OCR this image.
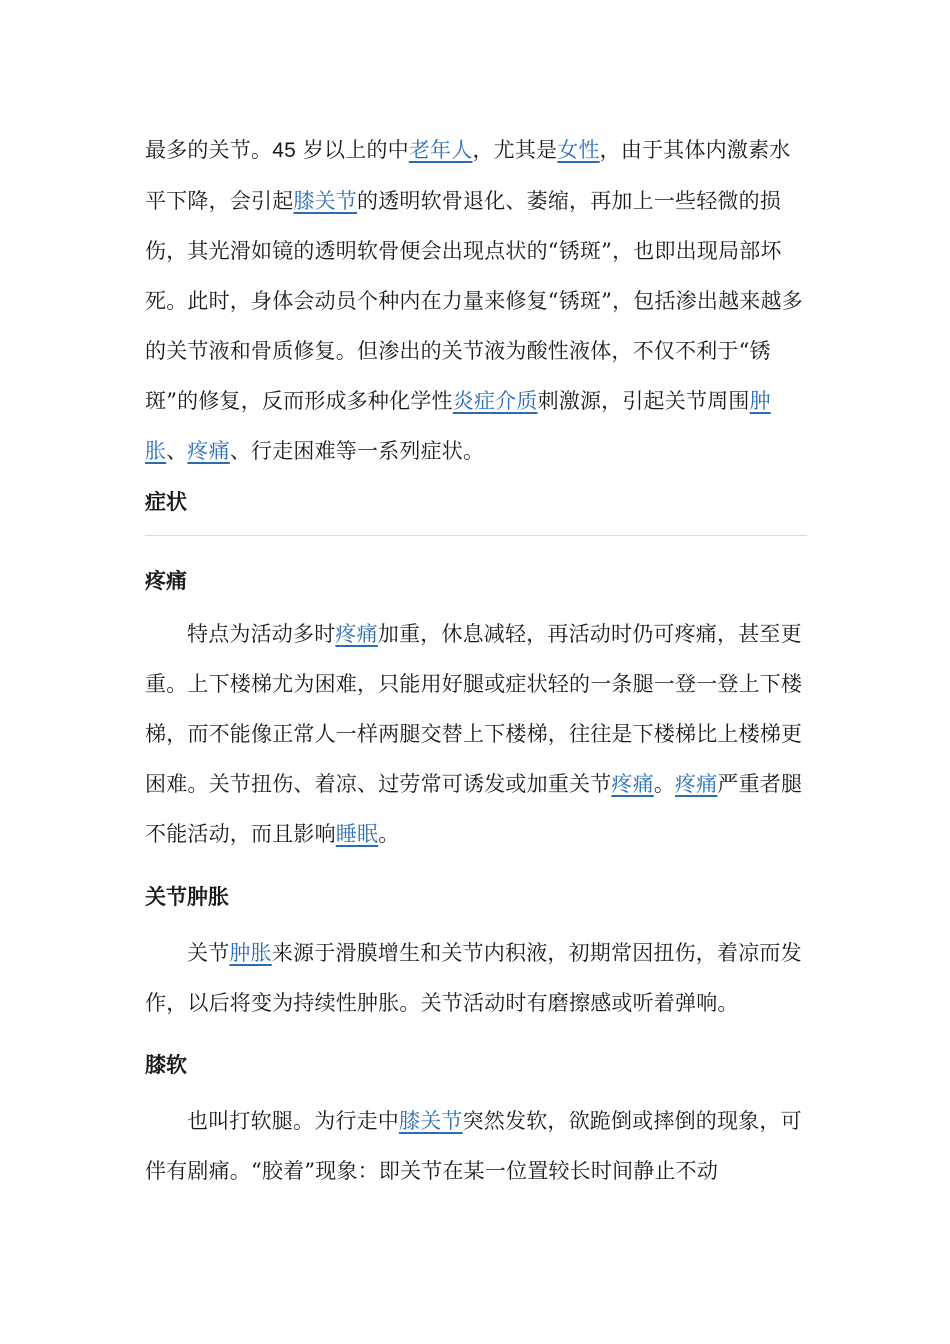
最多的关节。45 岁以上的中老年人，尤其是女性，由于其体内激素水平下降，会引起膝关节的透明软骨退化、萎缩，再加上一些轻微的损伤，其光滑如镜的透明软骨便会出现点状的“锈斑”，也即出现局部坏死。此时，身体会动员个种内在力量来修复“锈斑”，包括渗出越来越多的关节液和骨质修复。但渗出的关节液为酸性液体，不仅不利于“锈斑”的修复，反而形成多种化学性炎症介质刺激源，引起关节周围肿胀、疼痛、行走困难等一系列症状。

症状
疼痛

特点为活动多时疼痛加重，休息减轻，再活动时仍可疼痛，甚至更重。上下楼梯尤为困难，只能用好腿或症状轻的一条腿一登一登上下楼梯，而不能像正常人一样两腿交替上下楼梯，往往是下楼梯比上楼梯更困难。关节扭伤、着凉、过劳常可诱发或加重关节疼痛。疼痛严重者腿不能活动，而且影响睡眠。

关节肿胀

关节肿胀来源于滑膜增生和关节内积液，初期常因扭伤，着凉而发作，以后将变为持续性肿胀。关节活动时有磨擦感或听着弹响。

膝软

也叫打软腿。为行走中膝关节突然发软，欲跪倒或摔倒的现象，可伴有剧痛。“胶着”现象：即关节在某一位置较长时间静止不动
